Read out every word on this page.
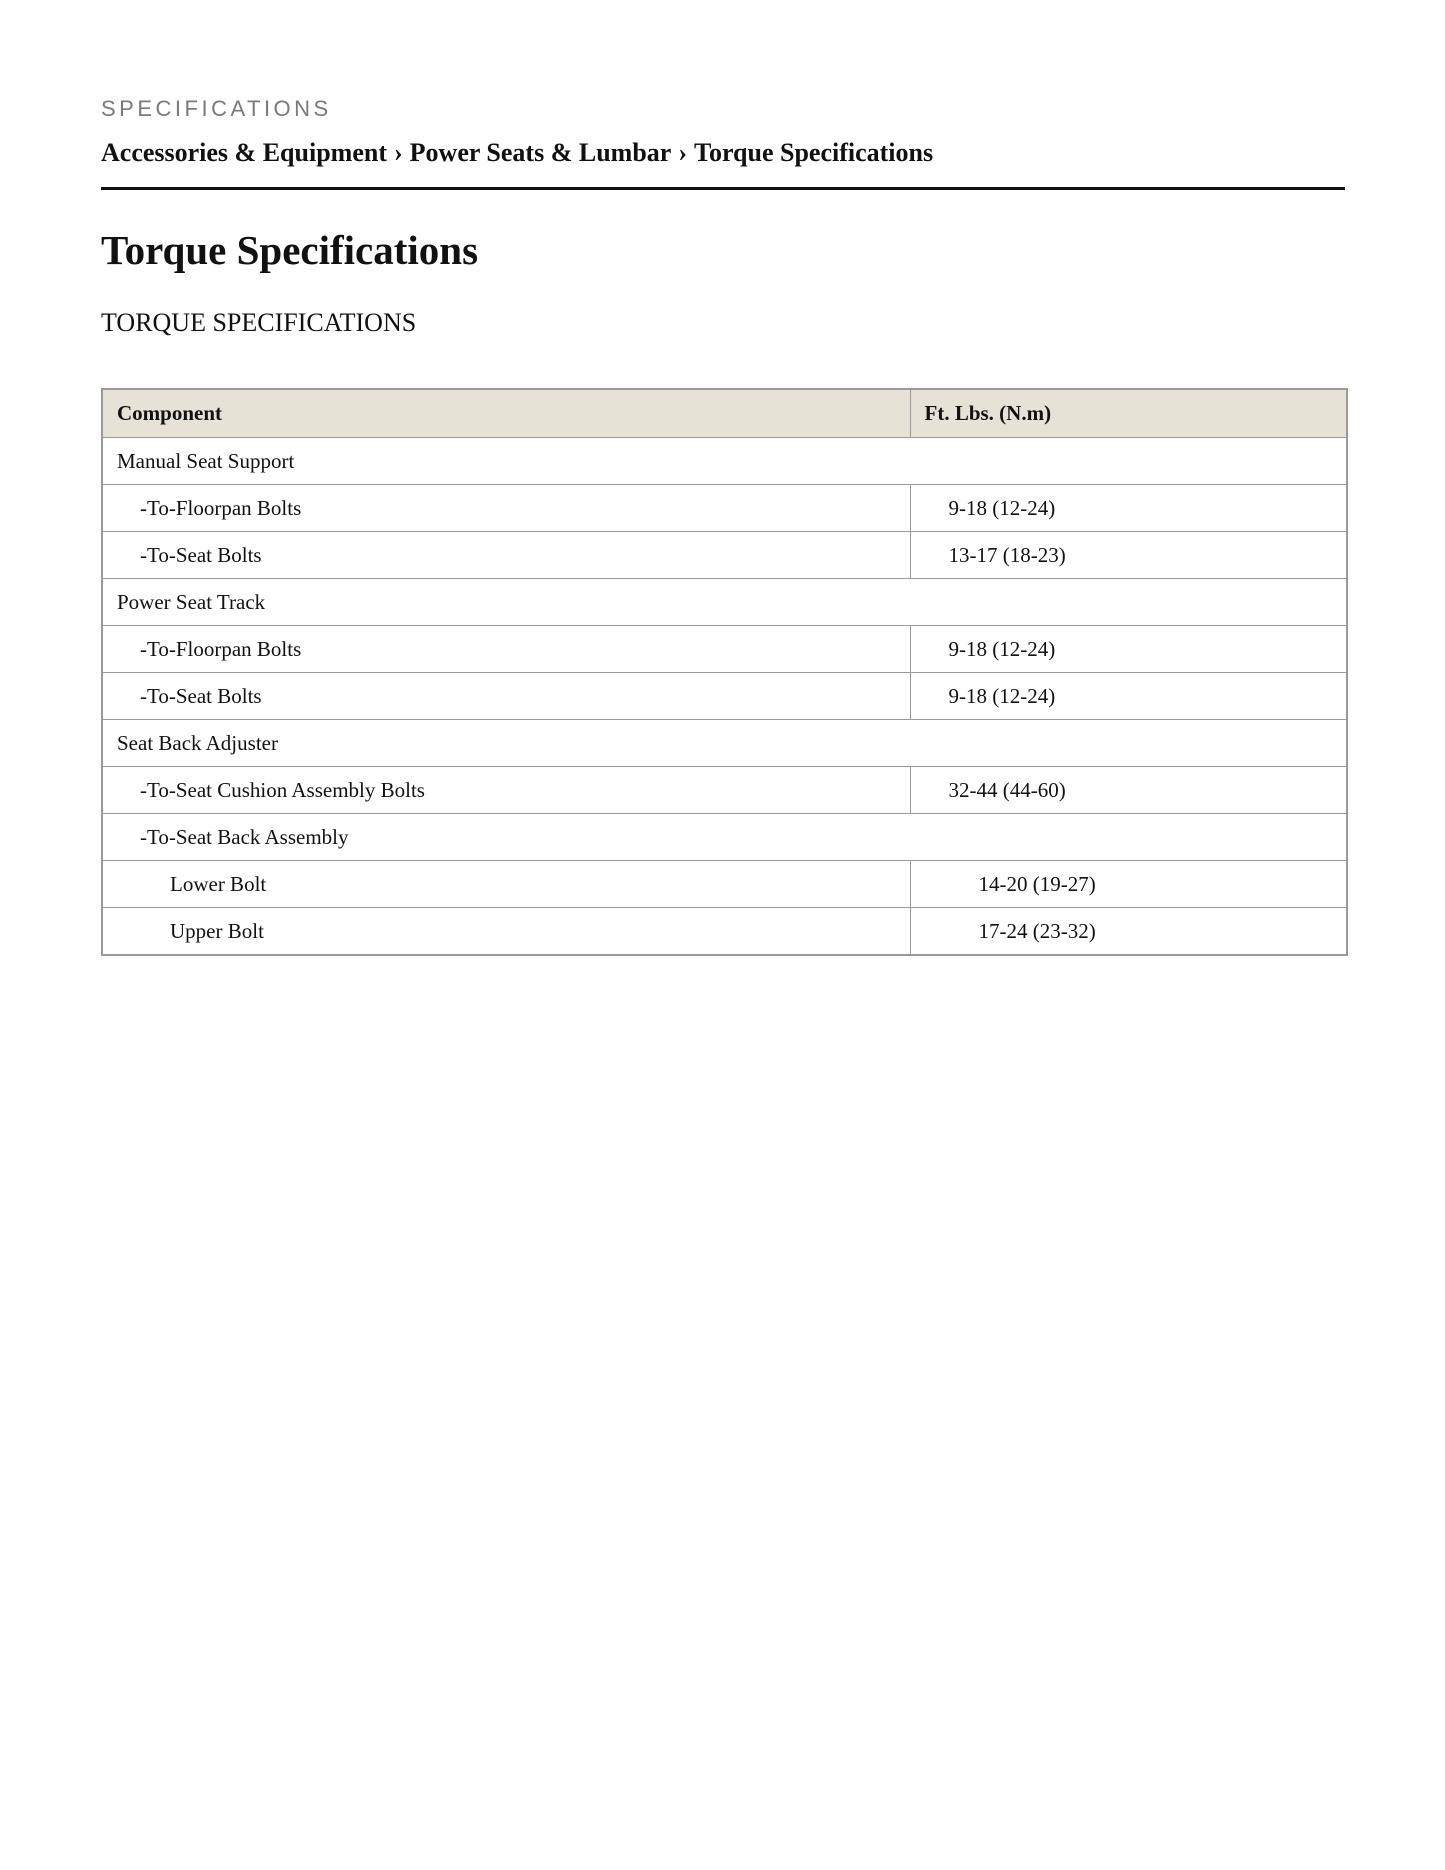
SPECIFICATIONS
Accessories & Equipment › Power Seats & Lumbar › Torque Specifications
Torque Specifications
TORQUE SPECIFICATIONS
Component	Ft. Lbs. (N.m)
Manual Seat Support	
-To-Floorpan Bolts	9-18 (12-24)
-To-Seat Bolts	13-17 (18-23)
Power Seat Track	
-To-Floorpan Bolts	9-18 (12-24)
-To-Seat Bolts	9-18 (12-24)
Seat Back Adjuster	
-To-Seat Cushion Assembly Bolts	32-44 (44-60)
-To-Seat Back Assembly	
Lower Bolt	14-20 (19-27)
Upper Bolt	17-24 (23-32)
